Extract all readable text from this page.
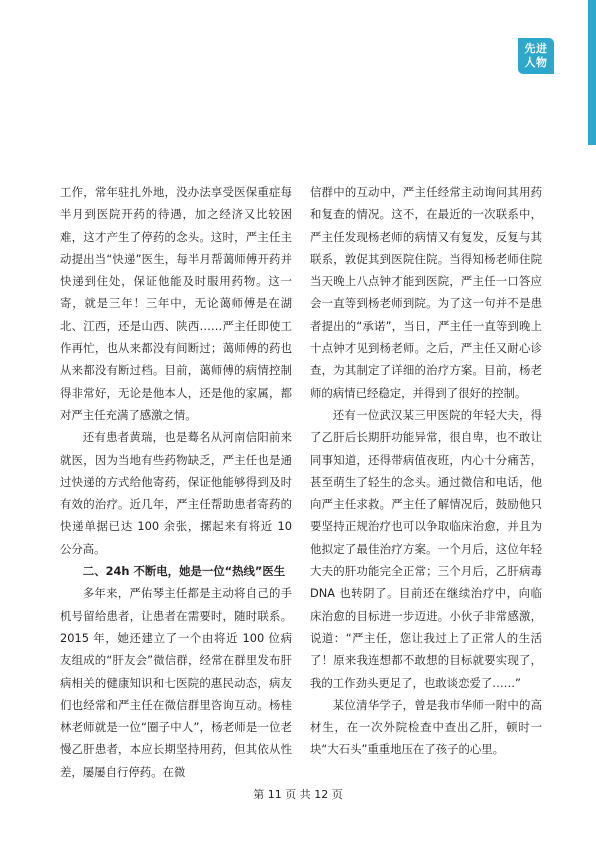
先进
人物

工作，常年驻扎外地，没办法享受医保重症每半月到医院开药的待遇，加之经济又比较困难，这才产生了停药的念头。这时，严主任主动提出当“快递”医生，每半月帮蔼师傅开药并快递到住处，保证他能及时服用药物。这一寄，就是三年！三年中，无论蔼师傅是在湖北、江西，还是山西、陕西……严主任即使工作再忙，也从来都没有间断过；蔼师傅的药也从来都没有断过档。目前，蔼师傅的病情控制得非常好，无论是他本人，还是他的家属，都对严主任充满了感激之情。

还有患者黄瑞，也是蓦名从河南信阳前来就医，因为当地有些药物缺乏，严主任也是通过快递的方式给他寄药，保证他能够得到及时有效的治疗。近几年，严主任帮助患者寄药的快递单据已达 100 余张，摞起来有将近 10 公分高。

二、24h 不断电，她是一位“热线”医生

多年来，严佑琴主任都是主动将自己的手机号留给患者，让患者在需要时，随时联系。2015 年，她还建立了一个由将近 100 位病友组成的“肝友会”微信群，经常在群里发布肝病相关的健康知识和七医院的惠民动态，病友们也经常和严主任在微信群里咨询互动。杨桂林老师就是一位“圈子中人”，杨老师是一位老慢乙肝患者，本应长期坚持用药，但其依从性差，屡屡自行停药。在微

信群中的互动中，严主任经常主动询问其用药和复查的情况。这不，在最近的一次联系中，严主任发现杨老师的病情又有复发，反复与其联系，敦促其到医院住院。当得知杨老师住院当天晚上八点钟才能到医院，严主任一口答应会一直等到杨老师到院。为了这一句并不是患者提出的“承诺”，当日，严主任一直等到晚上十点钟才见到杨老师。之后，严主任又耐心诊查，为其制定了详细的治疗方案。目前，杨老师的病情已经稳定，并得到了很好的控制。

还有一位武汉某三甲医院的年轻大夫，得了乙肝后长期肝功能异常，很自卑，也不敢让同事知道，还得带病值夜班，内心十分痛苦，甚至萌生了轻生的念头。通过微信和电话，他向严主任求救。严主任了解情况后，鼓励他只要坚持正规治疗也可以争取临床治愈，并且为他拟定了最佳治疗方案。一个月后，这位年轻大夫的肝功能完全正常；三个月后，乙肝病毒 DNA 也转阴了。目前还在继续治疗中，向临床治愈的目标进一步迈进。小伙子非常感激，说道：“严主任，您让我过上了正常人的生活了！原来我连想都不敢想的目标就要实现了，我的工作劲头更足了，也敢谈恋爱了……”

某位清华学子，曾是我市华师一附中的高材生，在一次外院检查中查出乙肝，顿时一块“大石头”重重地压在了孩子的心里。

第 11 页 共 12 页
